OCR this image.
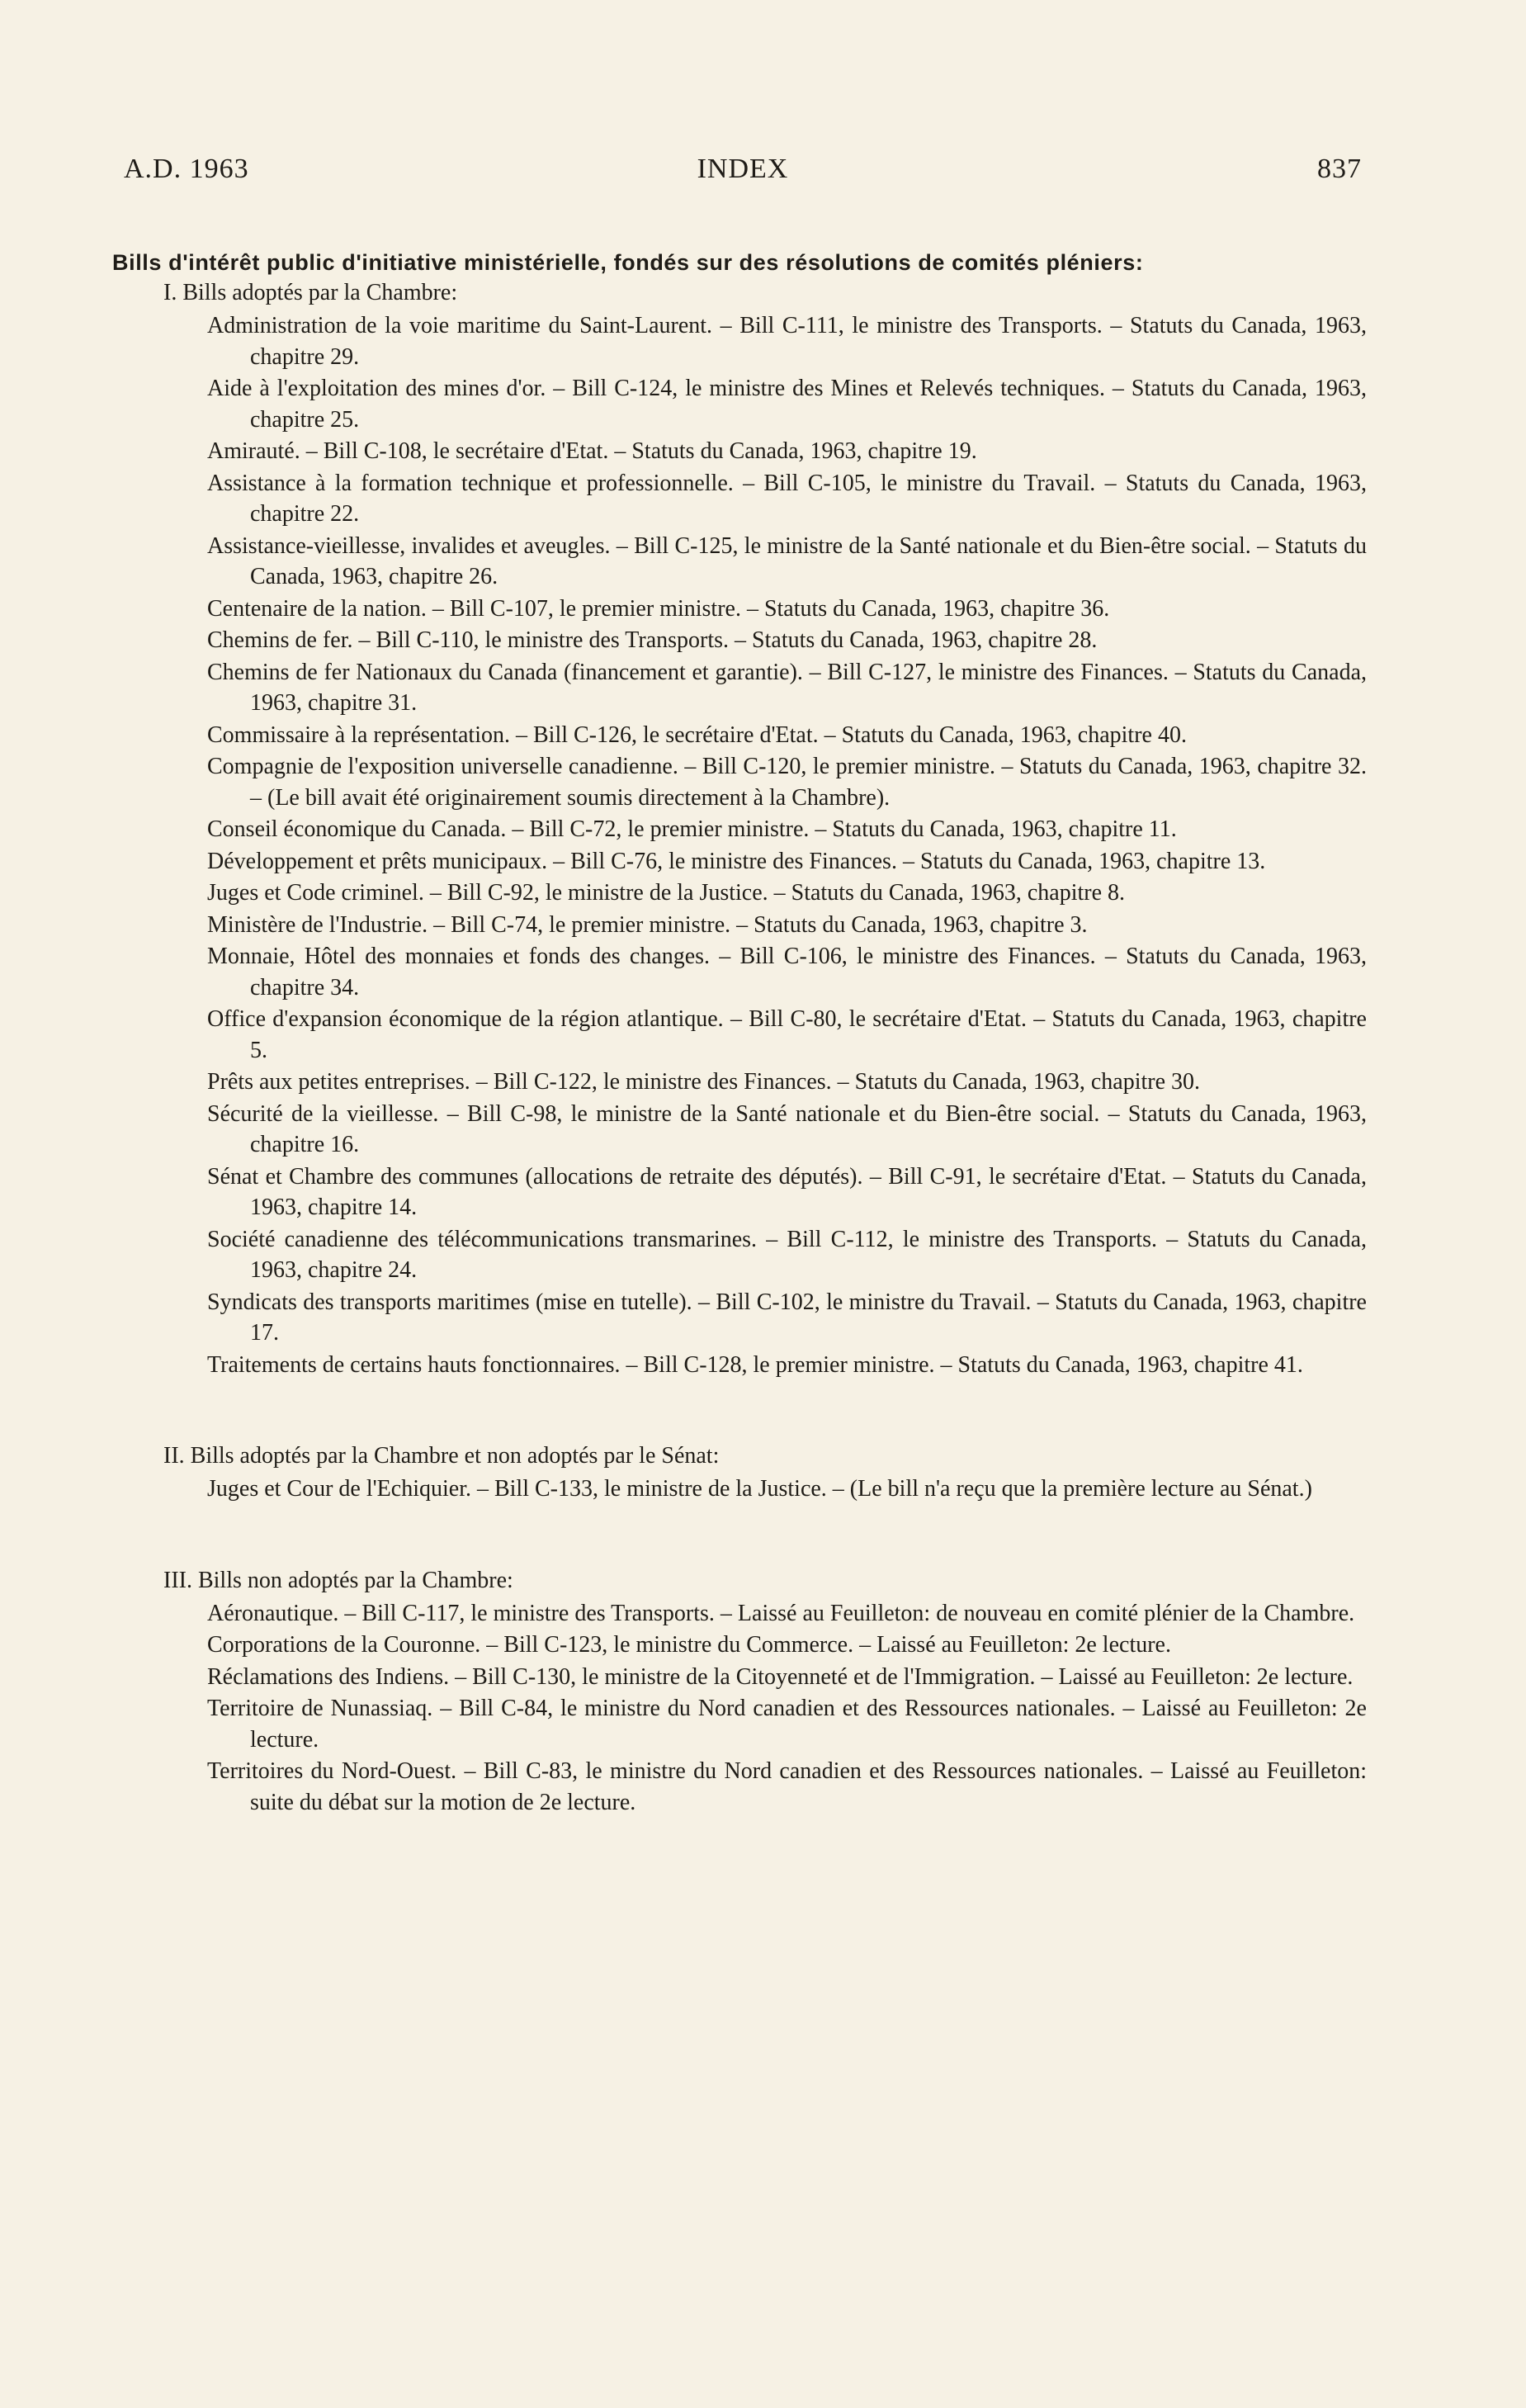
INDEX
A.D. 1963	837

Bills d'intérêt public d'initiative ministérielle, fondés sur des résolutions de comités pléniers:

I. Bills adoptés par la Chambre:

Administration de la voie maritime du Saint-Laurent. – Bill C-111, le ministre des Transports. – Statuts du Canada, 1963, chapitre 29.
Aide à l'exploitation des mines d'or. – Bill C-124, le ministre des Mines et Relevés techniques. – Statuts du Canada, 1963, chapitre 25.
Amirauté. – Bill C-108, le secrétaire d'Etat. – Statuts du Canada, 1963, chapitre 19.
Assistance à la formation technique et professionnelle. – Bill C-105, le ministre du Travail. – Statuts du Canada, 1963, chapitre 22.
Assistance-vieillesse, invalides et aveugles. – Bill C-125, le ministre de la Santé nationale et du Bien-être social. – Statuts du Canada, 1963, chapitre 26.
Centenaire de la nation. – Bill C-107, le premier ministre. – Statuts du Canada, 1963, chapitre 36.
Chemins de fer. – Bill C-110, le ministre des Transports. – Statuts du Canada, 1963, chapitre 28.
Chemins de fer Nationaux du Canada (financement et garantie). – Bill C-127, le ministre des Finances. – Statuts du Canada, 1963, chapitre 31.
Commissaire à la représentation. – Bill C-126, le secrétaire d'Etat. – Statuts du Canada, 1963, chapitre 40.
Compagnie de l'exposition universelle canadienne. – Bill C-120, le premier ministre. – Statuts du Canada, 1963, chapitre 32. – (Le bill avait été originairement soumis directement à la Chambre).
Conseil économique du Canada. – Bill C-72, le premier ministre. – Statuts du Canada, 1963, chapitre 11.
Développement et prêts municipaux. – Bill C-76, le ministre des Finances. – Statuts du Canada, 1963, chapitre 13.
Juges et Code criminel. – Bill C-92, le ministre de la Justice. – Statuts du Canada, 1963, chapitre 8.
Ministère de l'Industrie. – Bill C-74, le premier ministre. – Statuts du Canada, 1963, chapitre 3.
Monnaie, Hôtel des monnaies et fonds des changes. – Bill C-106, le ministre des Finances. – Statuts du Canada, 1963, chapitre 34.
Office d'expansion économique de la région atlantique. – Bill C-80, le secrétaire d'Etat. – Statuts du Canada, 1963, chapitre 5.
Prêts aux petites entreprises. – Bill C-122, le ministre des Finances. – Statuts du Canada, 1963, chapitre 30.
Sécurité de la vieillesse. – Bill C-98, le ministre de la Santé nationale et du Bien-être social. – Statuts du Canada, 1963, chapitre 16.
Sénat et Chambre des communes (allocations de retraite des députés). – Bill C-91, le secrétaire d'Etat. – Statuts du Canada, 1963, chapitre 14.
Société canadienne des télécommunications transmarines. – Bill C-112, le ministre des Transports. – Statuts du Canada, 1963, chapitre 24.
Syndicats des transports maritimes (mise en tutelle). – Bill C-102, le ministre du Travail. – Statuts du Canada, 1963, chapitre 17.
Traitements de certains hauts fonctionnaires. – Bill C-128, le premier ministre. – Statuts du Canada, 1963, chapitre 41.

II. Bills adoptés par la Chambre et non adoptés par le Sénat:

Juges et Cour de l'Echiquier. – Bill C-133, le ministre de la Justice. – (Le bill n'a reçu que la première lecture au Sénat.)

III. Bills non adoptés par la Chambre:

Aéronautique. – Bill C-117, le ministre des Transports. – Laissé au Feuilleton: de nouveau en comité plénier de la Chambre.
Corporations de la Couronne. – Bill C-123, le ministre du Commerce. – Laissé au Feuilleton: 2e lecture.
Réclamations des Indiens. – Bill C-130, le ministre de la Citoyenneté et de l'Immigration. – Laissé au Feuilleton: 2e lecture.
Territoire de Nunassiaq. – Bill C-84, le ministre du Nord canadien et des Ressources nationales. – Laissé au Feuilleton: 2e lecture.
Territoires du Nord-Ouest. – Bill C-83, le ministre du Nord canadien et des Ressources nationales. – Laissé au Feuilleton: suite du débat sur la motion de 2e lecture.
